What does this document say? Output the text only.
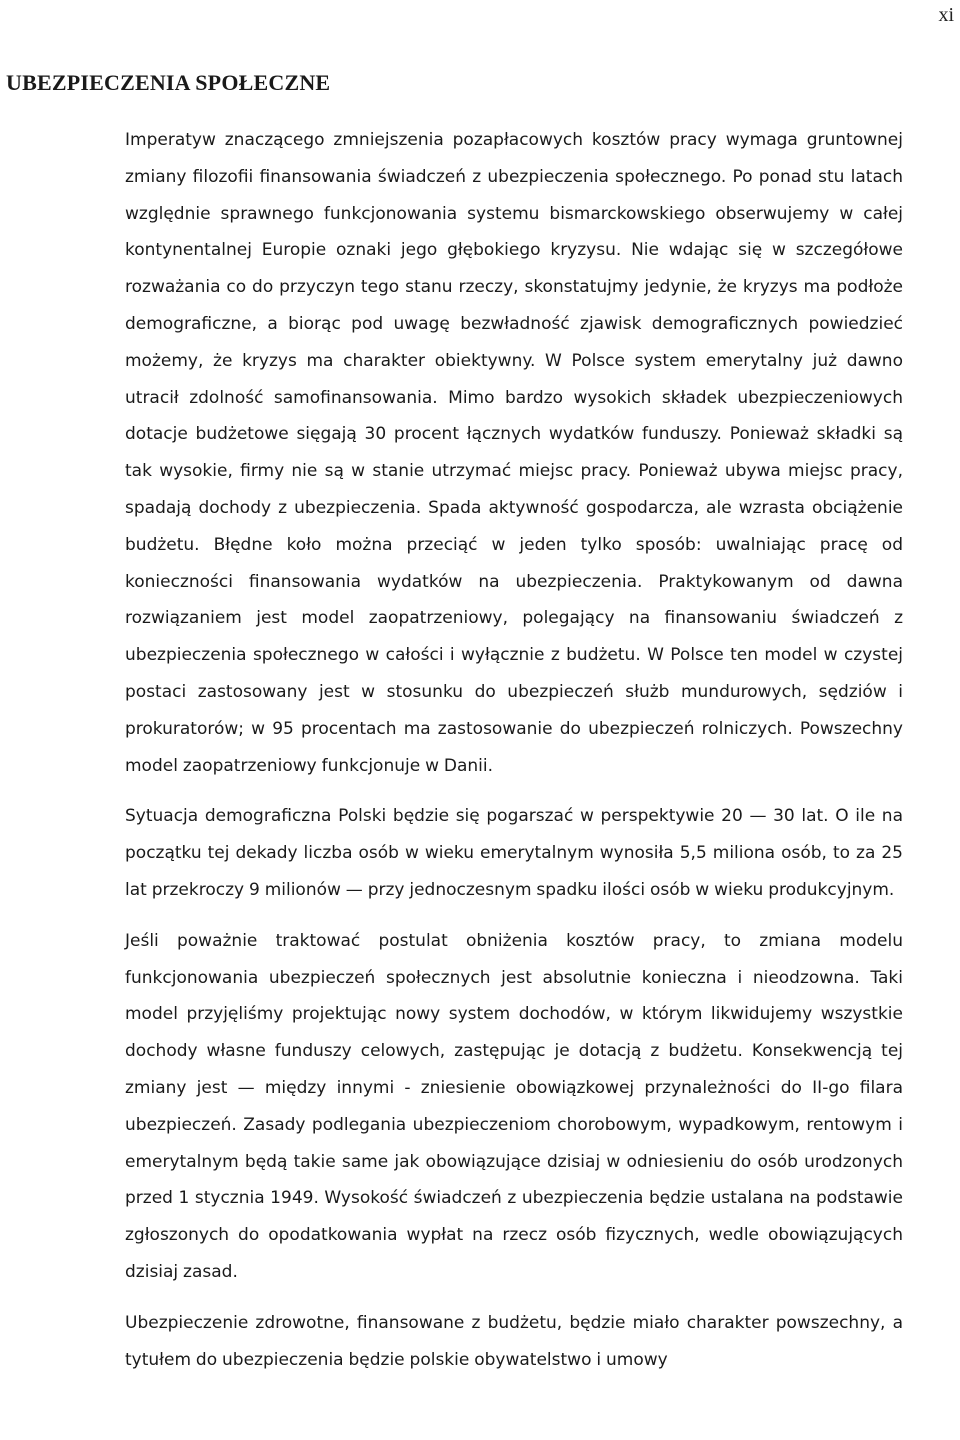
xi
UBEZPIECZENIA SPOŁECZNE

Imperatyw znaczącego zmniejszenia pozapłacowych kosztów pracy wymaga gruntownej zmiany filozofii finansowania świadczeń z ubezpieczenia społecznego. Po ponad stu latach względnie sprawnego funkcjonowania systemu bismarckowskiego obserwujemy w całej kontynentalnej Europie oznaki jego głębokiego kryzysu. Nie wdając się w szczegółowe rozważania co do przyczyn tego stanu rzeczy, skonstatujmy jedynie, że kryzys ma podłoże demograficzne, a biorąc pod uwagę bezwładność zjawisk demograficznych powiedzieć możemy, że kryzys ma charakter obiektywny. W Polsce system emerytalny już dawno utracił zdolność samofinansowania. Mimo bardzo wysokich składek ubezpieczeniowych dotacje budżetowe sięgają 30 procent łącznych wydatków funduszy. Ponieważ składki są tak wysokie, firmy nie są w stanie utrzymać miejsc pracy. Ponieważ ubywa miejsc pracy, spadają dochody z ubezpieczenia. Spada aktywność gospodarcza, ale wzrasta obciążenie budżetu. Błędne koło można przeciąć w jeden tylko sposób: uwalniając pracę od konieczności finansowania wydatków na ubezpieczenia. Praktykowanym od dawna rozwiązaniem jest model zaopatrzeniowy, polegający na finansowaniu świadczeń z ubezpieczenia społecznego w całości i wyłącznie z budżetu. W Polsce ten model w czystej postaci zastosowany jest w stosunku do ubezpieczeń służb mundurowych, sędziów i prokuratorów; w 95 procentach ma zastosowanie do ubezpieczeń rolniczych. Powszechny model zaopatrzeniowy funkcjonuje w Danii.

Sytuacja demograficzna Polski będzie się pogarszać w perspektywie 20 — 30 lat. O ile na początku tej dekady liczba osób w wieku emerytalnym wynosiła 5,5 miliona osób, to za 25 lat przekroczy 9 milionów — przy jednoczesnym spadku ilości osób w wieku produkcyjnym.

Jeśli poważnie traktować postulat obniżenia kosztów pracy, to zmiana modelu funkcjonowania ubezpieczeń społecznych jest absolutnie konieczna i nieodzowna. Taki model przyjęliśmy projektując nowy system dochodów, w którym likwidujemy wszystkie dochody własne funduszy celowych, zastępując je dotacją z budżetu. Konsekwencją tej zmiany jest — między innymi - zniesienie obowiązkowej przynależności do II-go filara ubezpieczeń. Zasady podlegania ubezpieczeniom chorobowym, wypadkowym, rentowym i emerytalnym będą takie same jak obowiązujące dzisiaj w odniesieniu do osób urodzonych przed 1 stycznia 1949. Wysokość świadczeń z ubezpieczenia będzie ustalana na podstawie zgłoszonych do opodatkowania wypłat na rzecz osób fizycznych, wedle obowiązujących dzisiaj zasad.

Ubezpieczenie zdrowotne, finansowane z budżetu, będzie miało charakter powszechny, a tytułem do ubezpieczenia będzie polskie obywatelstwo i umowy
